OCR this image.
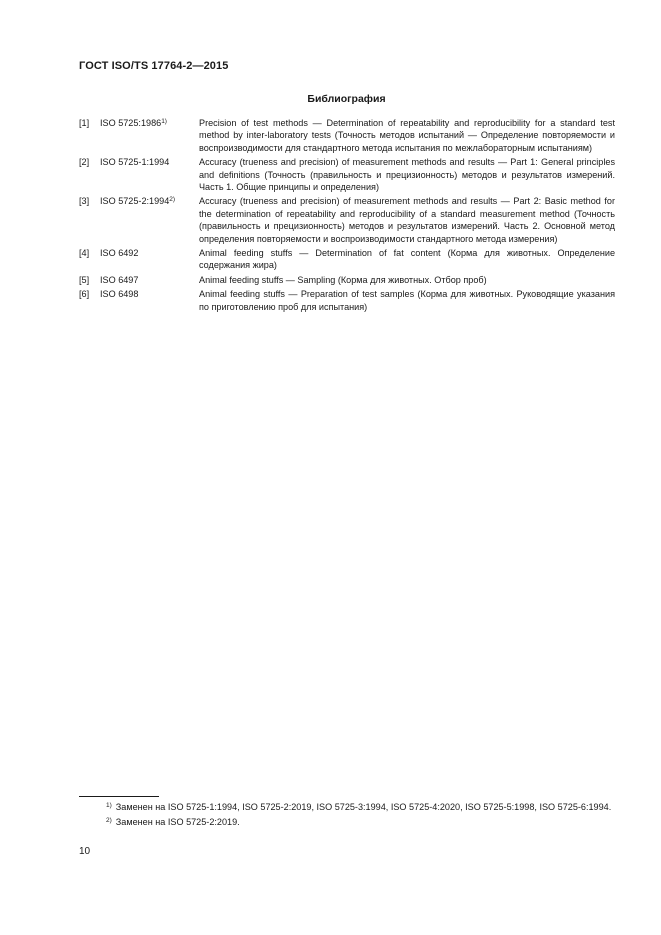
ГОСТ ISO/TS 17764-2—2015
Библиография
[1]	ISO 5725:1986$^{1)}$	Precision of test methods — Determination of repeatability and reproducibility for a standard test method by inter-laboratory tests (Точность методов испытаний — Определение повторяемости и воспроизводимости для стандартного метода испытания по межлабораторным испытаниям)
[2]	ISO 5725-1:1994	Accuracy (trueness and precision) of measurement methods and results — Part 1: General principles and definitions (Точность (правильность и прецизионность) методов и результатов измерений. Часть 1. Общие принципы и определения)
[3]	ISO 5725-2:1994$^{2)}$	Accuracy (trueness and precision) of measurement methods and results — Part 2: Basic method for the determination of repeatability and reproducibility of a standard measurement method (Точность (правильность и прецизионность) методов и результатов измерений. Часть 2. Основной метод определения повторяемости и воспроизводимости стандартного метода измерения)
[4]	ISO 6492	Animal feeding stuffs — Determination of fat content (Корма для животных. Определение содержания жира)
[5]	ISO 6497	Animal feeding stuffs — Sampling (Корма для животных. Отбор проб)
[6]	ISO 6498	Animal feeding stuffs — Preparation of test samples (Корма для животных. Руководящие указания по приготовлению проб для испытания)
1) Заменен на ISO 5725-1:1994, ISO 5725-2:2019, ISO 5725-3:1994, ISO 5725-4:2020, ISO 5725-5:1998, ISO 5725-6:1994.
2) Заменен на ISO 5725-2:2019.
10
